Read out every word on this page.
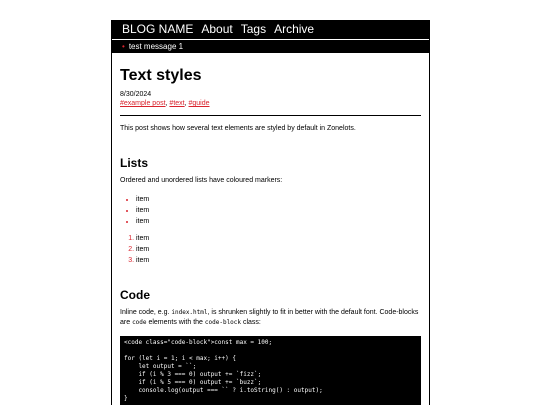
BLOG NAME About Tags Archive
• test message 1
Text styles
8/30/2024
#example post, #text, #guide

This post shows how several text elements are styled by default in Zonelots.

Lists

Ordered and unordered lists have coloured markers:

• item
• item
• item
1. item
2. item
3. item
Code

Inline code, e.g. index.html, is shrunken slightly to fit in better with the default font. Code-blocks are code elements with the code-block class:

<code class="code-block">const max = 100;

for (let i = 1; i < max; i++) {
let output = ``;
if (i % 3 === 0) output += `fizz`;
if (i % 5 === 0) output += `buzz`;
console.log(output === `` ? i.toString() : output);
}
